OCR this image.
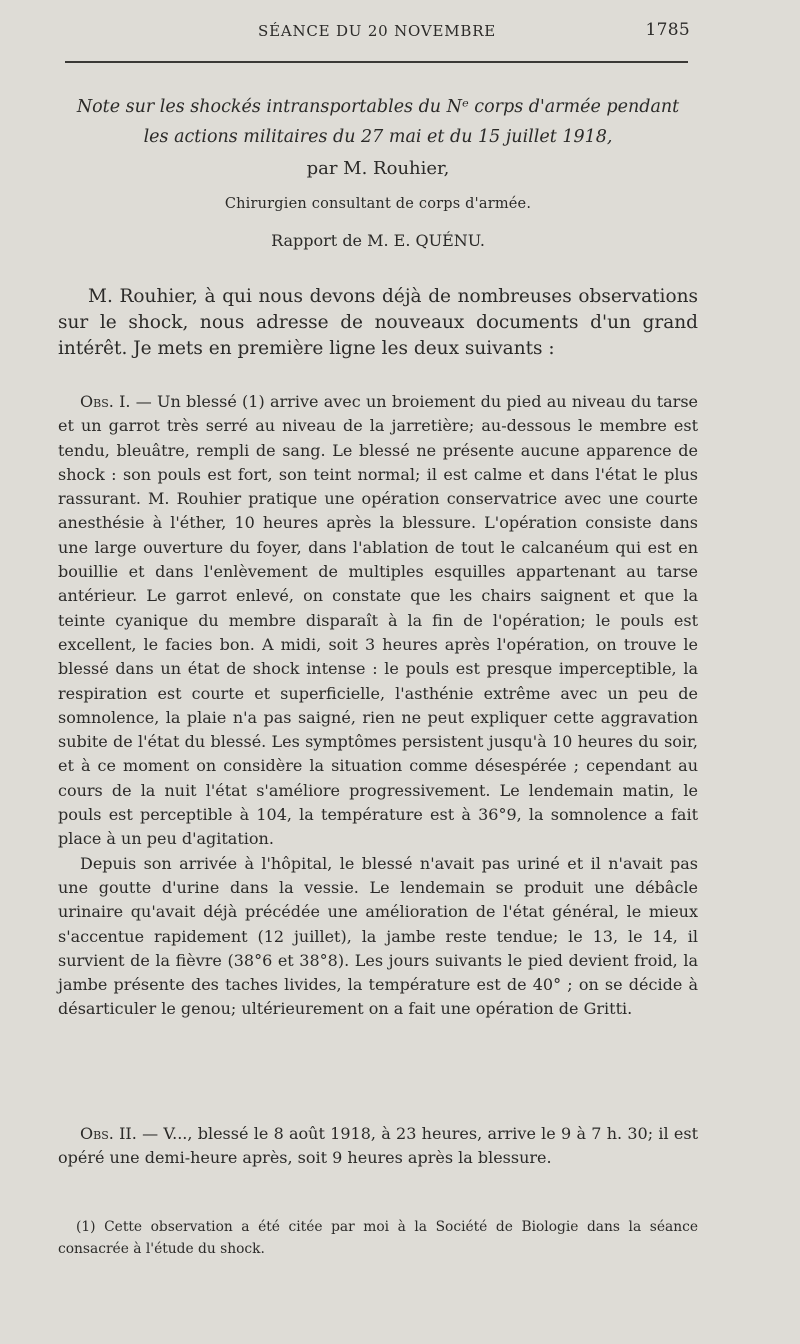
SÉANCE DU 20 NOVEMBRE	1785
Note sur les shockés intransportables du Nᵉ corps d'armée pendant
les actions militaires du 27 mai et du 15 juillet 1918,
par M. Rouhier,
Chirurgien consultant de corps d'armée.
Rapport de M. E. QUÉNU.
M. Rouhier, à qui nous devons déjà de nombreuses observations sur le shock, nous adresse de nouveaux documents d'un grand intérêt. Je mets en première ligne les deux suivants :

Obs. I. — Un blessé (1) arrive avec un broiement du pied au niveau du tarse et un garrot très serré au niveau de la jarretière; au-dessous le membre est tendu, bleuâtre, rempli de sang. Le blessé ne présente aucune apparence de shock : son pouls est fort, son teint normal; il est calme et dans l'état le plus rassurant. M. Rouhier pratique une opération conservatrice avec une courte anesthésie à l'éther, 10 heures après la blessure. L'opération consiste dans une large ouverture du foyer, dans l'ablation de tout le calcanéum qui est en bouillie et dans l'enlèvement de multiples esquilles appartenant au tarse antérieur. Le garrot enlevé, on constate que les chairs saignent et que la teinte cyanique du membre disparaît à la fin de l'opération; le pouls est excellent, le facies bon. A midi, soit 3 heures après l'opération, on trouve le blessé dans un état de shock intense : le pouls est presque imperceptible, la respiration est courte et superficielle, l'asthénie extrême avec un peu de somnolence, la plaie n'a pas saigné, rien ne peut expliquer cette aggravation subite de l'état du blessé. Les symptômes persistent jusqu'à 10 heures du soir, et à ce moment on considère la situation comme désespérée ; cependant au cours de la nuit l'état s'améliore progressivement. Le lendemain matin, le pouls est perceptible à 104, la température est à 36°9, la somnolence a fait place à un peu d'agitation.

Depuis son arrivée à l'hôpital, le blessé n'avait pas uriné et il n'avait pas une goutte d'urine dans la vessie. Le lendemain se produit une débâcle urinaire qu'avait déjà précédée une amélioration de l'état général, le mieux s'accentue rapidement (12 juillet), la jambe reste tendue; le 13, le 14, il survient de la fièvre (38°6 et 38°8). Les jours suivants le pied devient froid, la jambe présente des taches livides, la température est de 40° ; on se décide à désarticuler le genou; ultérieurement on a fait une opération de Gritti.

Obs. II. — V..., blessé le 8 août 1918, à 23 heures, arrive le 9 à 7 h. 30; il est opéré une demi-heure après, soit 9 heures après la blessure.

(1) Cette observation a été citée par moi à la Société de Biologie dans la séance consacrée à l'étude du shock.
